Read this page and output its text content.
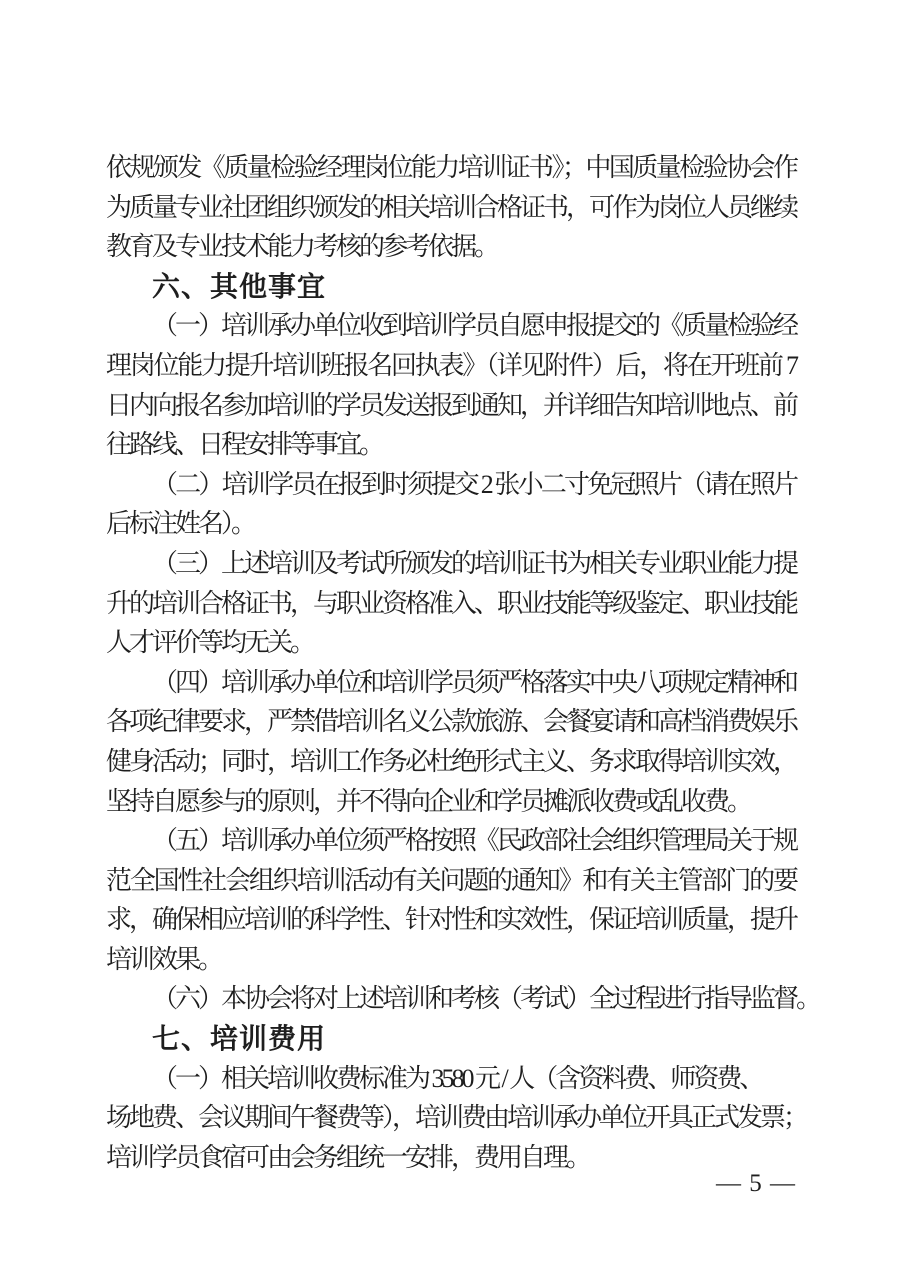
依规颁发《质量检验经理岗位能力培训证书》；中国质量检验协会作
为质量专业社团组织颁发的相关培训合格证书，可作为岗位人员继续
教育及专业技术能力考核的参考依据。
六、其他事宜
（一）培训承办单位收到培训学员自愿申报提交的《质量检验经
理岗位能力提升培训班报名回执表》（详见附件）后，将在开班前 7
日内向报名参加培训的学员发送报到通知，并详细告知培训地点、前
往路线、日程安排等事宜。
（二）培训学员在报到时须提交 2 张小二寸免冠照片（请在照片
后标注姓名）。
（三）上述培训及考试所颁发的培训证书为相关专业职业能力提
升的培训合格证书，与职业资格准入、职业技能等级鉴定、职业技能
人才评价等均无关。
（四）培训承办单位和培训学员须严格落实中央八项规定精神和
各项纪律要求，严禁借培训名义公款旅游、会餐宴请和高档消费娱乐
健身活动；同时，培训工作务必杜绝形式主义、务求取得培训实效，
坚持自愿参与的原则，并不得向企业和学员摊派收费或乱收费。
（五）培训承办单位须严格按照《民政部社会组织管理局关于规
范全国性社会组织培训活动有关问题的通知》和有关主管部门的要
求，确保相应培训的科学性、针对性和实效性，保证培训质量，提升
培训效果。
（六）本协会将对上述培训和考核（考试）全过程进行指导监督。
七、培训费用
（一）相关培训收费标准为 3580 元 / 人（含资料费、师资费、
场地费、会议期间午餐费等），培训费由培训承办单位开具正式发票；
培训学员食宿可由会务组统一安排，费用自理。
— 5 —
